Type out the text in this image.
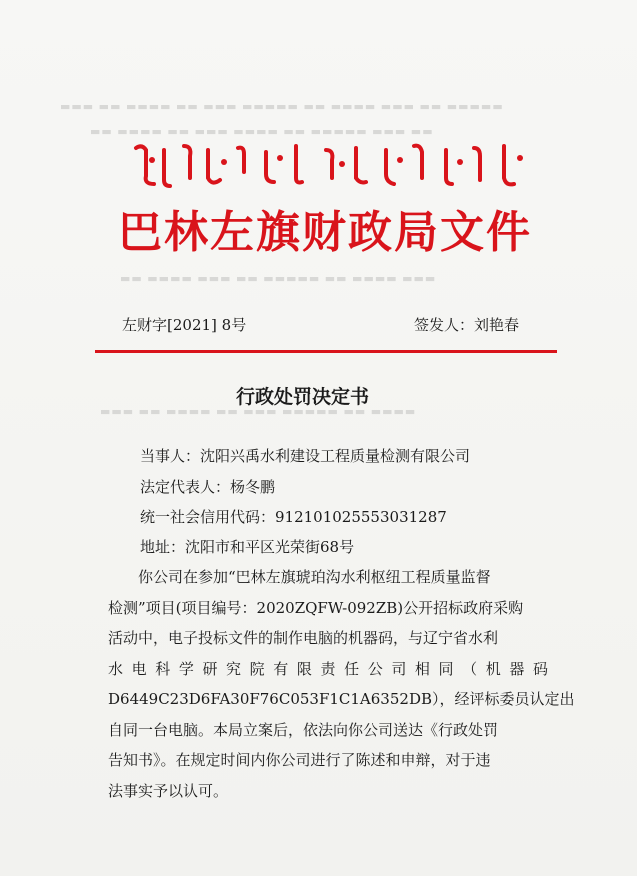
▬▬▬ ▬▬ ▬▬▬▬ ▬▬ ▬▬▬ ▬▬▬▬▬ ▬▬ ▬▬▬▬ ▬▬▬ ▬▬ ▬▬▬▬▬
▬▬ ▬▬▬▬ ▬▬ ▬▬▬ ▬▬▬▬ ▬▬ ▬▬▬▬▬ ▬▬▬ ▬▬
▬▬ ▬▬▬▬ ▬▬▬ ▬▬ ▬▬▬▬▬ ▬▬ ▬▬▬▬ ▬▬▬
▬▬▬ ▬▬ ▬▬▬▬ ▬▬ ▬▬▬ ▬▬▬▬▬ ▬▬ ▬▬▬▬
巴林左旗财政局文件
左财字[2021] 8号	签发人：刘艳春
行政处罚决定书
当事人：沈阳兴禹水利建设工程质量检测有限公司
法定代表人：杨冬鹏
统一社会信用代码：912101025553031287
地址：沈阳市和平区光荣街68号
你公司在参加“巴林左旗琥珀沟水利枢纽工程质量监督
检测”项目(项目编号：2020ZQFW-092ZB)公开招标政府采购
活动中，电子投标文件的制作电脑的机器码，与辽宁省水利
水电科学研究院有限责任公司相同（机器码
D6449C23D6FA30F76C053F1C1A6352DB），经评标委员认定出
自同一台电脑。本局立案后，依法向你公司送达《行政处罚
告知书》。在规定时间内你公司进行了陈述和申辩，对于违
法事实予以认可。
